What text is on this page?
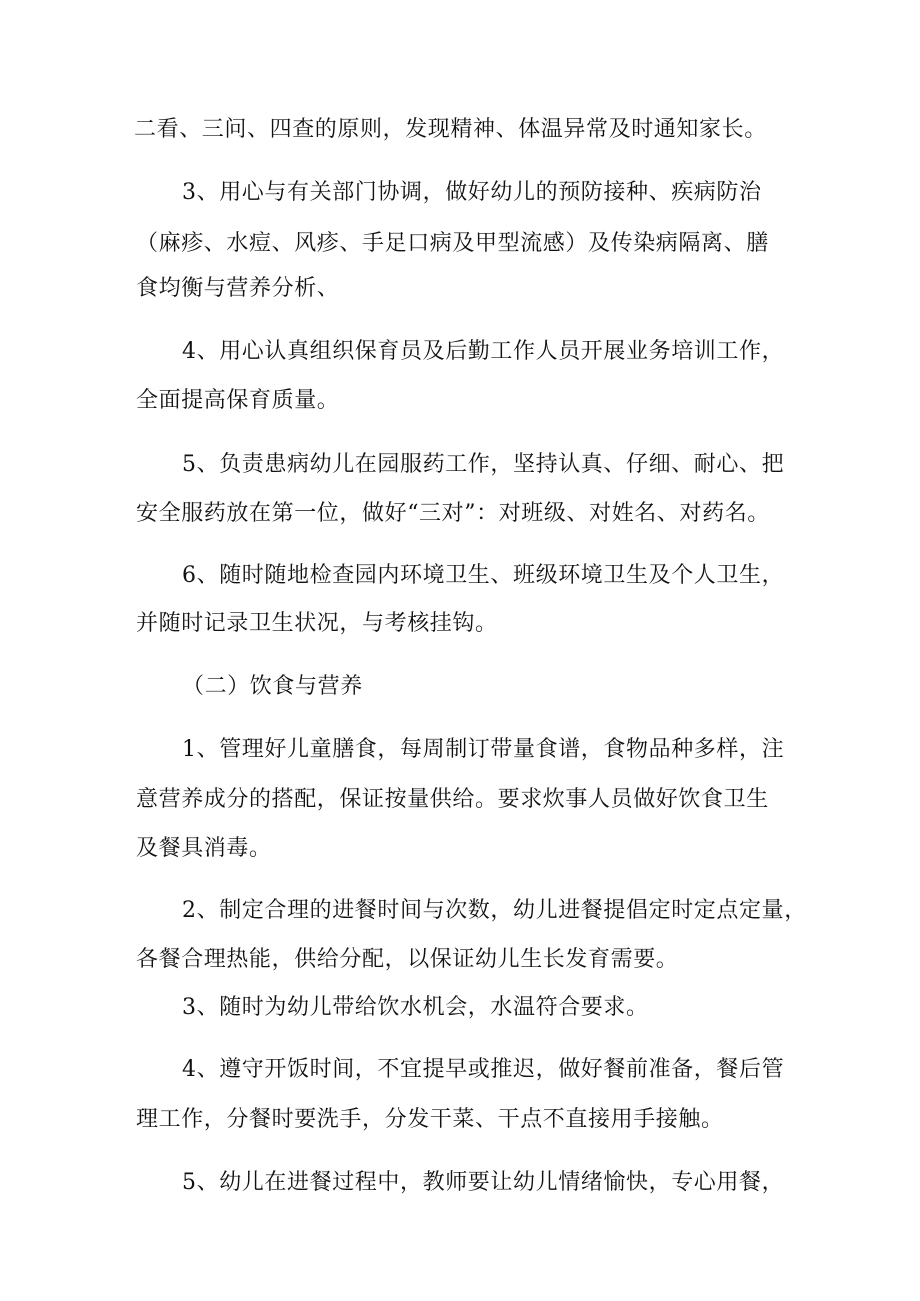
二看、三问、四查的原则，发现精神、体温异常及时通知家长。
3、用心与有关部门协调，做好幼儿的预防接种、疾病防治
（麻疹、水痘、风疹、手足口病及甲型流感）及传染病隔离、膳
食均衡与营养分析、
4、用心认真组织保育员及后勤工作人员开展业务培训工作，
全面提高保育质量。
5、负责患病幼儿在园服药工作，坚持认真、仔细、耐心、把
安全服药放在第一位，做好“三对”：对班级、对姓名、对药名。
6、随时随地检查园内环境卫生、班级环境卫生及个人卫生，
并随时记录卫生状况，与考核挂钩。
（二）饮食与营养
1、管理好儿童膳食，每周制订带量食谱，食物品种多样，注
意营养成分的搭配，保证按量供给。要求炊事人员做好饮食卫生
及餐具消毒。
2、制定合理的进餐时间与次数，幼儿进餐提倡定时定点定量，
各餐合理热能，供给分配，以保证幼儿生长发育需要。
3、随时为幼儿带给饮水机会，水温符合要求。
4、遵守开饭时间，不宜提早或推迟，做好餐前准备，餐后管
理工作，分餐时要洗手，分发干菜、干点不直接用手接触。
5、幼儿在进餐过程中，教师要让幼儿情绪愉快，专心用餐，
